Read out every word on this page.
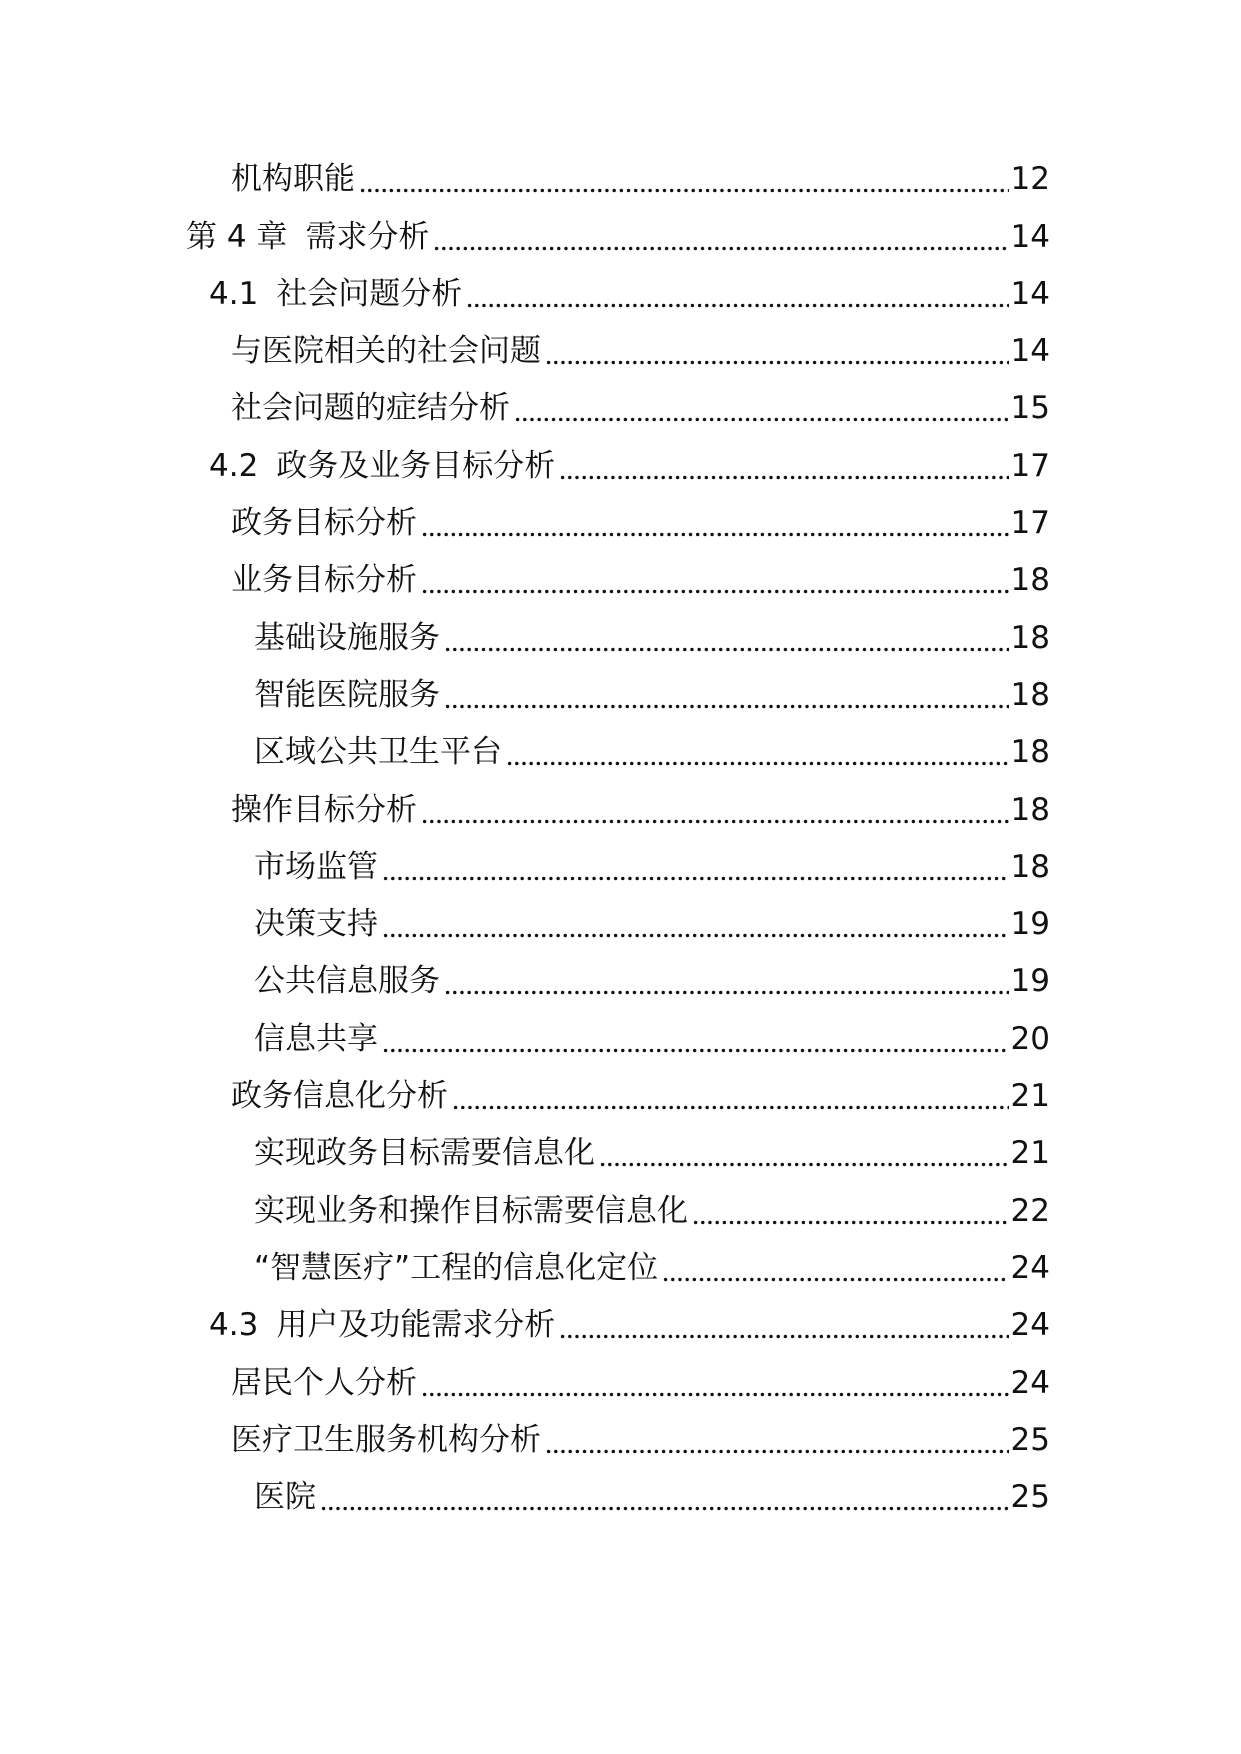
机构职能	12
第 4 章 需求分析	14
4.1 社会问题分析	14
与医院相关的社会问题	14
社会问题的症结分析	15
4.2 政务及业务目标分析	17
政务目标分析	17
业务目标分析	18
基础设施服务	18
智能医院服务	18
区域公共卫生平台	18
操作目标分析	18
市场监管	18
决策支持	19
公共信息服务	19
信息共享	20
政务信息化分析	21
实现政务目标需要信息化	21
实现业务和操作目标需要信息化	22
“智慧医疗”工程的信息化定位	24
4.3 用户及功能需求分析	24
居民个人分析	24
医疗卫生服务机构分析	25
医院	25
